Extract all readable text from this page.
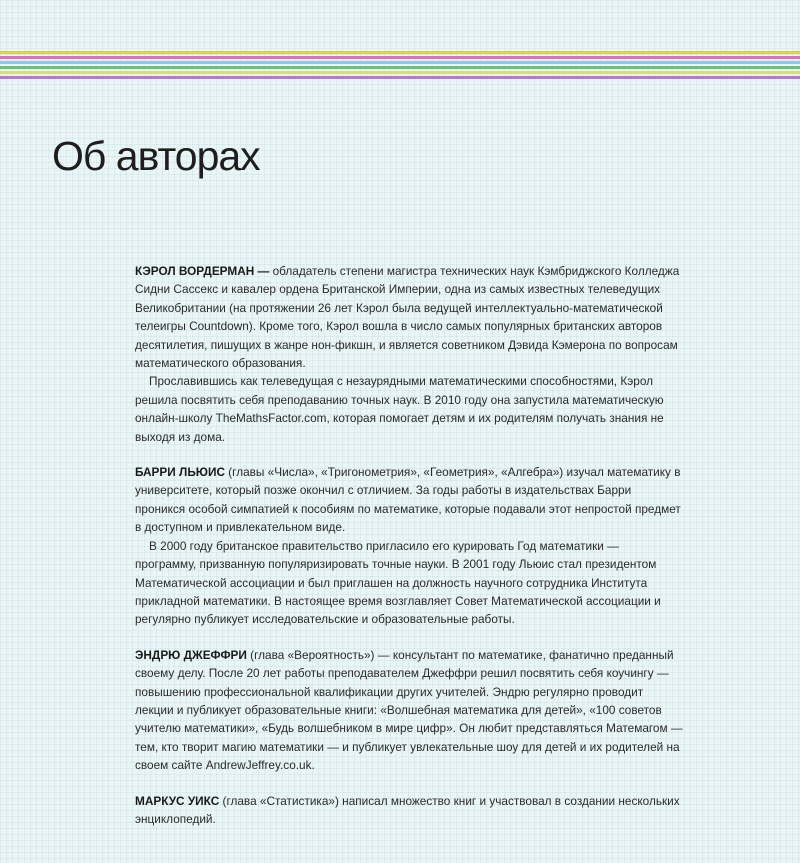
Об авторах

КЭРОЛ ВОРДЕРМАН — обладатель степени магистра технических наук Кэмбриджского Колледжа Сидни Сассекс и кавалер ордена Британской Империи, одна из самых известных телеведущих Великобритании (на протяжении 26 лет Кэрол была ведущей интеллектуально-математической телеигры Countdown). Кроме того, Кэрол вошла в число самых популярных британских авторов десятилетия, пишущих в жанре нон-фикшн, и является советником Дэвида Кэмерона по вопросам математического образования.

Прославившись как телеведущая с незаурядными математическими способностями, Кэрол решила посвятить себя преподаванию точных наук. В 2010 году она запустила математическую онлайн-школу TheMathsFactor.com, которая помогает детям и их родителям получать знания не выходя из дома.

БАРРИ ЛЬЮИС (главы «Числа», «Тригонометрия», «Геометрия», «Алгебра») изучал математику в университете, который позже окончил с отличием. За годы работы в издательствах Барри проникся особой симпатией к пособиям по математике, которые подавали этот непростой предмет в доступном и привлекательном виде.

В 2000 году британское правительство пригласило его курировать Год математики — программу, призванную популяризировать точные науки. В 2001 году Льюис стал президентом Математической ассоциации и был приглашен на должность научного сотрудника Института прикладной математики. В настоящее время возглавляет Совет Математической ассоциации и регулярно публикует исследовательские и образовательные работы.

ЭНДРЮ ДЖЕФФРИ (глава «Вероятность») — консультант по математике, фанатично преданный своему делу. После 20 лет работы преподавателем Джеффри решил посвятить себя коучингу — повышению профессиональной квалификации других учителей. Эндрю регулярно проводит лекции и публикует образовательные книги: «Волшебная математика для детей», «100 советов учителю математики», «Будь волшебником в мире цифр». Он любит представляться Матемагом — тем, кто творит магию математики — и публикует увлекательные шоу для детей и их родителей на своем сайте AndrewJeffrey.co.uk.

МАРКУС УИКС (глава «Статистика») написал множество книг и участвовал в создании нескольких энциклопедий.
